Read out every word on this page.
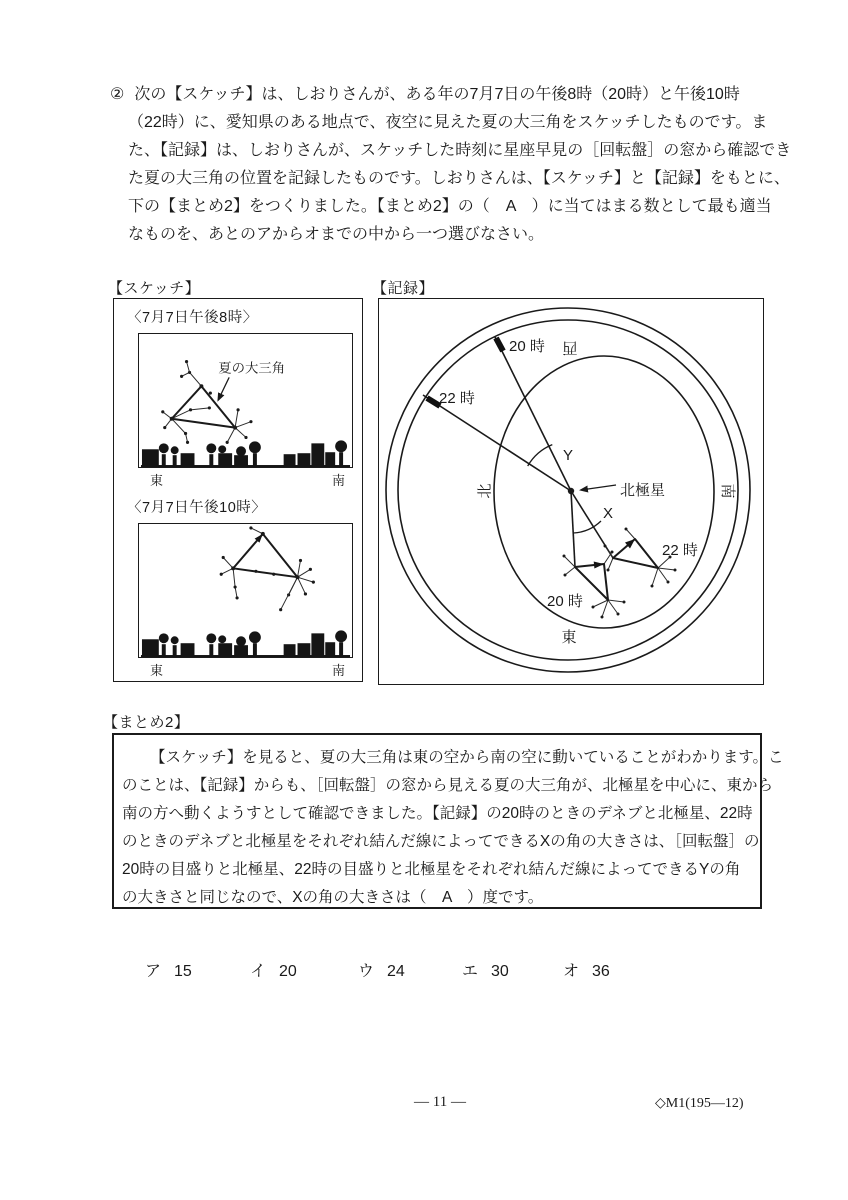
② 次の【スケッチ】は、しおりさんが、ある年の7月7日の午後8時（20時）と午後10時
（22時）に、愛知県のある地点で、夜空に見えた夏の大三角をスケッチしたものです。ま
た、【記録】は、しおりさんが、スケッチした時刻に星座早見の［回転盤］の窓から確認でき
た夏の大三角の位置を記録したものです。しおりさんは、【スケッチ】と【記録】をもとに、
下の【まとめ2】をつくりました。【まとめ2】の（　A　）に当てはまる数として最も適当
なものを、あとのアからオまでの中から一つ選びなさい。
【スケッチ】
〈7月7日午後8時〉
夏の大三角
東	南
〈7月7日午後10時〉
東	南
【記録】
20 時
22 時
Y
X
北極星
北
西
南
東
20 時
22 時
【まとめ2】
【スケッチ】を見ると、夏の大三角は東の空から南の空に動いていることがわかります。こ
のことは、【記録】からも、［回転盤］の窓から見える夏の大三角が、北極星を中心に、東から
南の方へ動くようすとして確認できました。【記録】の20時のときのデネブと北極星、22時
のときのデネブと北極星をそれぞれ結んだ線によってできるXの角の大きさは、［回転盤］の
20時の目盛りと北極星、22時の目盛りと北極星をそれぞれ結んだ線によってできるYの角
の大きさと同じなので、Xの角の大きさは（　A　）度です。
ア 15	イ 20	ウ 24	エ 30	オ 36
— 11 —	◇M1(195—12)
